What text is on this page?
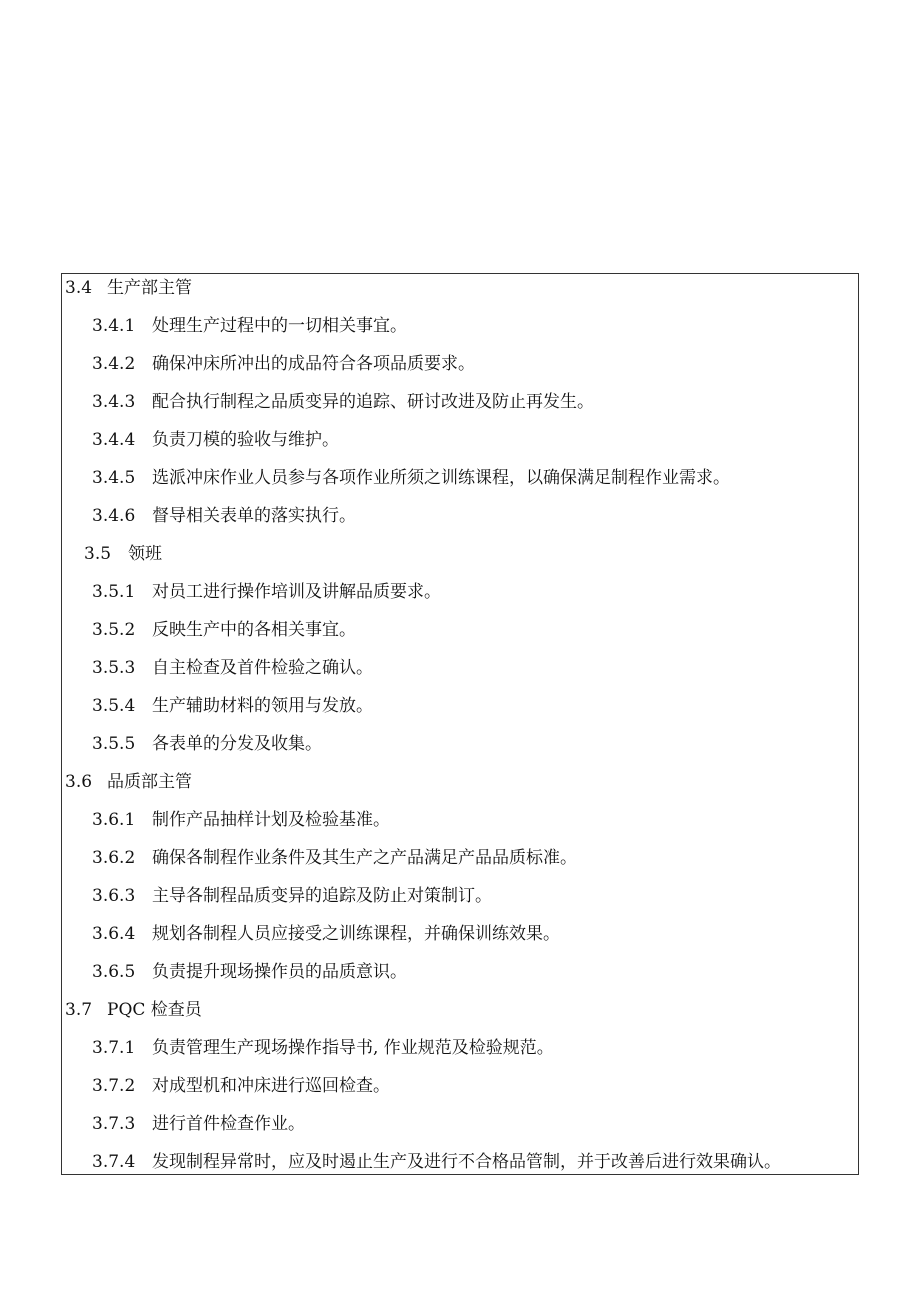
3.4 生产部主管
3.4.1 处理生产过程中的一切相关事宜。
3.4.2 确保冲床所冲出的成品符合各项品质要求。
3.4.3 配合执行制程之品质变异的追踪、研讨改进及防止再发生。
3.4.4 负责刀模的验收与维护。
3.4.5 选派冲床作业人员参与各项作业所须之训练课程，以确保满足制程作业需求。
3.4.6 督导相关表单的落实执行。
3.5 领班
3.5.1 对员工进行操作培训及讲解品质要求。
3.5.2 反映生产中的各相关事宜。
3.5.3 自主检查及首件检验之确认。
3.5.4 生产辅助材料的领用与发放。
3.5.5 各表单的分发及收集。
3.6 品质部主管
3.6.1 制作产品抽样计划及检验基准。
3.6.2 确保各制程作业条件及其生产之产品满足产品品质标准。
3.6.3 主导各制程品质变异的追踪及防止对策制订。
3.6.4 规划各制程人员应接受之训练课程，并确保训练效果。
3.6.5 负责提升现场操作员的品质意识。
3.7 PQC 检查员
3.7.1 负责管理生产现场操作指导书, 作业规范及检验规范。
3.7.2 对成型机和冲床进行巡回检查。
3.7.3 进行首件检查作业。
3.7.4 发现制程异常时，应及时遏止生产及进行不合格品管制，并于改善后进行效果确认。
